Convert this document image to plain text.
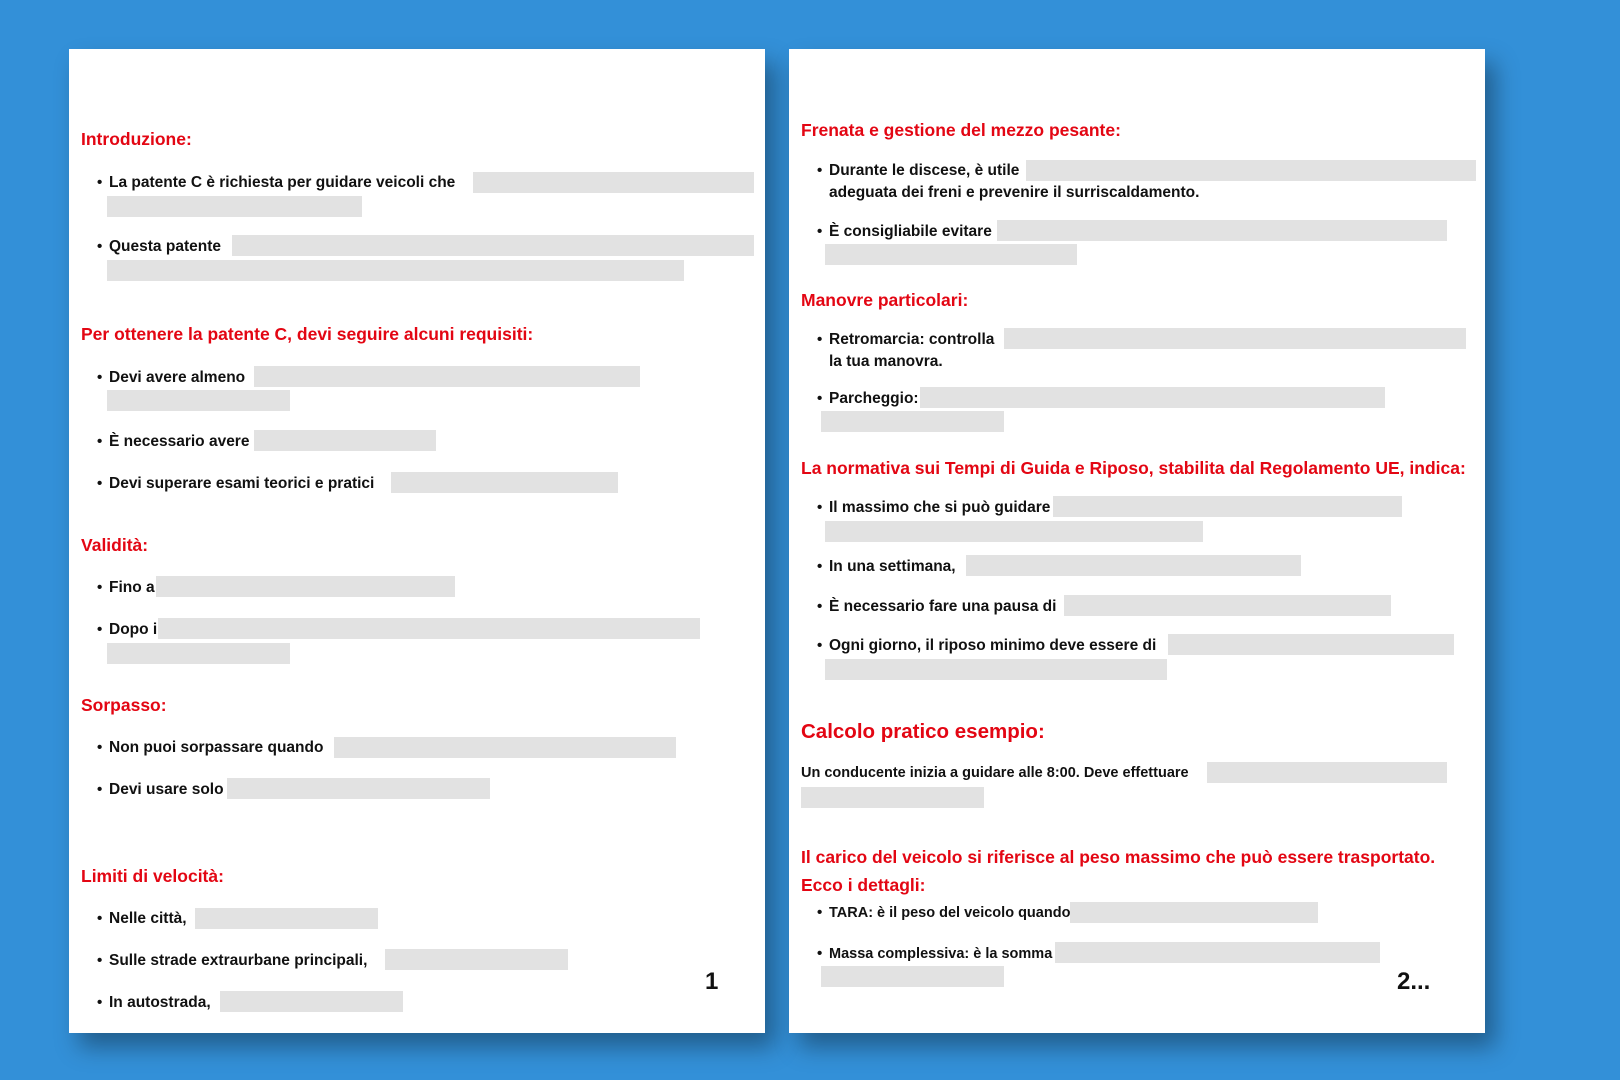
Introduzione:
• La patente C è richiesta per guidare veicoli che
• Questa patente
Per ottenere la patente C, devi seguire alcuni requisiti:
• Devi avere almeno
• È necessario avere
• Devi superare esami teorici e pratici
Validità:
• Fino a
• Dopo i
Sorpasso:
• Non puoi sorpassare quando
• Devi usare solo
Limiti di velocità:
• Nelle città,
• Sulle strade extraurbane principali,
• In autostrada,
1
Frenata e gestione del mezzo pesante:
• Durante le discese, è utile
adeguata dei freni e prevenire il surriscaldamento.
• È consigliabile evitare
Manovre particolari:
• Retromarcia: controlla
la tua manovra.
• Parcheggio:
La normativa sui Tempi di Guida e Riposo, stabilita dal Regolamento UE, indica:
• Il massimo che si può guidare
• In una settimana,
• È necessario fare una pausa di
• Ogni giorno, il riposo minimo deve essere di
Calcolo pratico esempio:
Un conducente inizia a guidare alle 8:00. Deve effettuare
Il carico del veicolo si riferisce al peso massimo che può essere trasportato. Ecco i dettagli:
• TARA: è il peso del veicolo quando
• Massa complessiva: è la somma
2...
